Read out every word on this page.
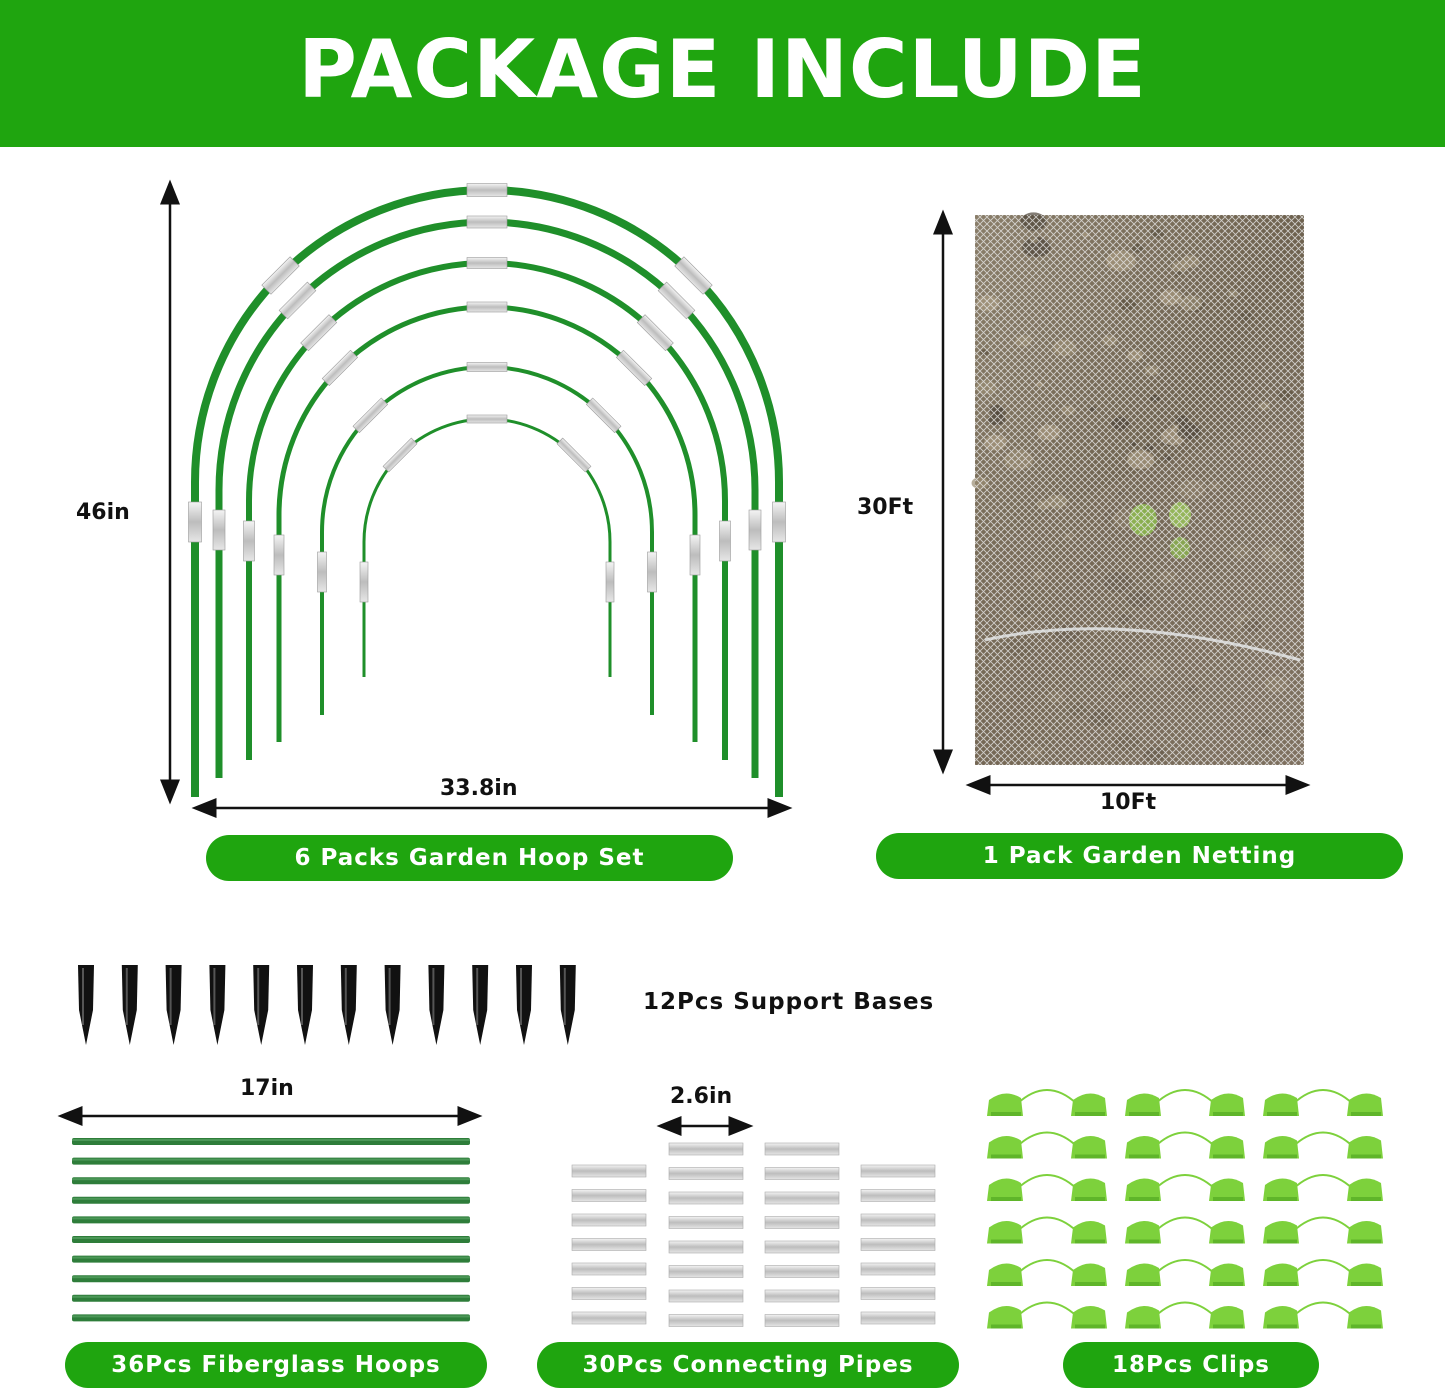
PACKAGE INCLUDE
46in
33.8in
6 Packs Garden Hoop Set
30Ft
10Ft
1 Pack Garden Netting
12Pcs Support Bases
17in
36Pcs Fiberglass Hoops
2.6in
30Pcs Connecting Pipes	18Pcs Clips
